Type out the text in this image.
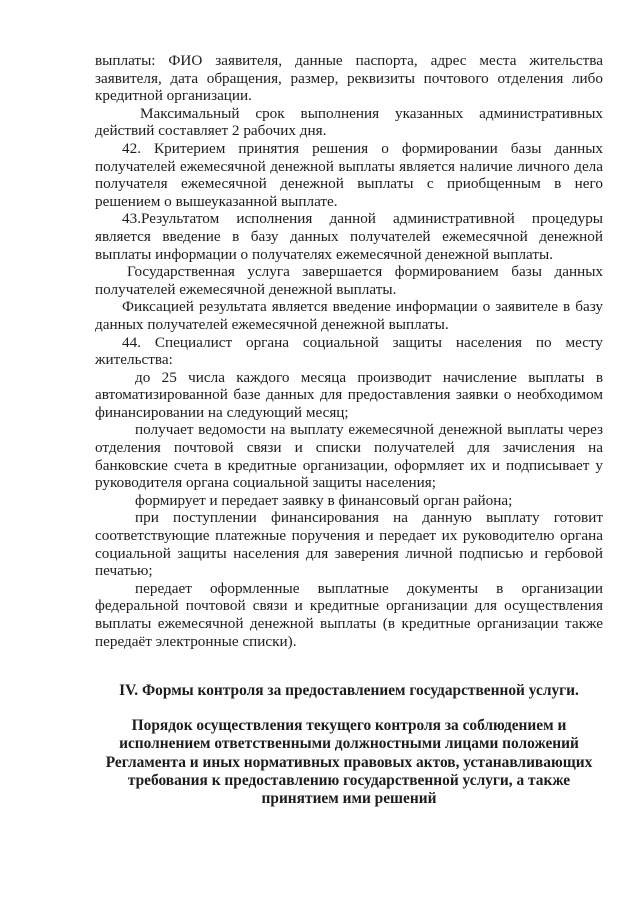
выплаты: ФИО заявителя, данные паспорта, адрес места жительства заявителя, дата обращения, размер, реквизиты почтового отделения либо кредитной организации.

Максимальный срок выполнения указанных административных действий составляет 2 рабочих дня.

42. Критерием принятия решения о формировании базы данных получателей ежемесячной денежной выплаты является наличие личного дела получателя ежемесячной денежной выплаты с приобщенным в него решением о вышеуказанной выплате.

43.Результатом исполнения данной административной процедуры является введение в базу данных получателей ежемесячной денежной выплаты информации о получателях ежемесячной денежной выплаты.

Государственная услуга завершается формированием базы данных получателей ежемесячной денежной выплаты.

Фиксацией результата является введение информации о заявителе в базу данных получателей ежемесячной денежной выплаты.

44. Специалист органа социальной защиты населения по месту жительства:

до 25 числа каждого месяца производит начисление выплаты в автоматизированной базе данных для предоставления заявки о необходимом финансировании на следующий месяц;

получает ведомости на выплату ежемесячной денежной выплаты через отделения почтовой связи и списки получателей для зачисления на банковские счета в кредитные организации, оформляет их и подписывает у руководителя органа социальной защиты населения;

формирует и передает заявку в финансовый орган района;

при поступлении финансирования на данную выплату готовит соответствующие платежные поручения и передает их руководителю органа социальной защиты населения для заверения личной подписью и гербовой печатью;

передает оформленные выплатные документы в организации федеральной почтовой связи и кредитные организации для осуществления выплаты ежемесячной денежной выплаты (в кредитные организации также передаёт электронные списки).

IV. Формы контроля за предоставлением государственной услуги.
Порядок осуществления текущего контроля за соблюдением и исполнением ответственными должностными лицами положений Регламента и иных нормативных правовых актов, устанавливающих требования к предоставлению государственной услуги, а также принятием ими решений
